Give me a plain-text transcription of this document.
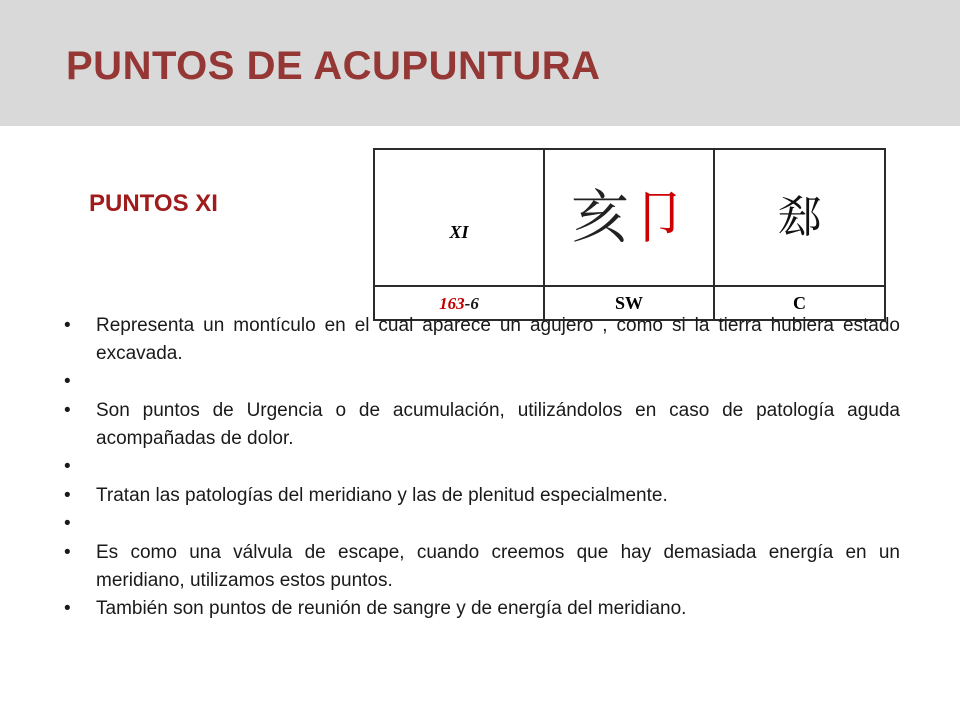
PUNTOS DE ACUPUNTURA
PUNTOS XI
XI	亥卩	郄
163-6	SW	C
•	Representa un montículo en el cual aparece un agujero , como si la tierra hubiera estado excavada.
•
•	Son puntos de Urgencia o de acumulación, utilizándolos en caso de patología aguda acompañadas de dolor.
•
•	Tratan las patologías del meridiano y las de plenitud especialmente.
•
•	Es como una válvula de escape, cuando creemos que hay demasiada energía en un meridiano, utilizamos estos puntos.
•	También son puntos de reunión de sangre y de energía del meridiano.
